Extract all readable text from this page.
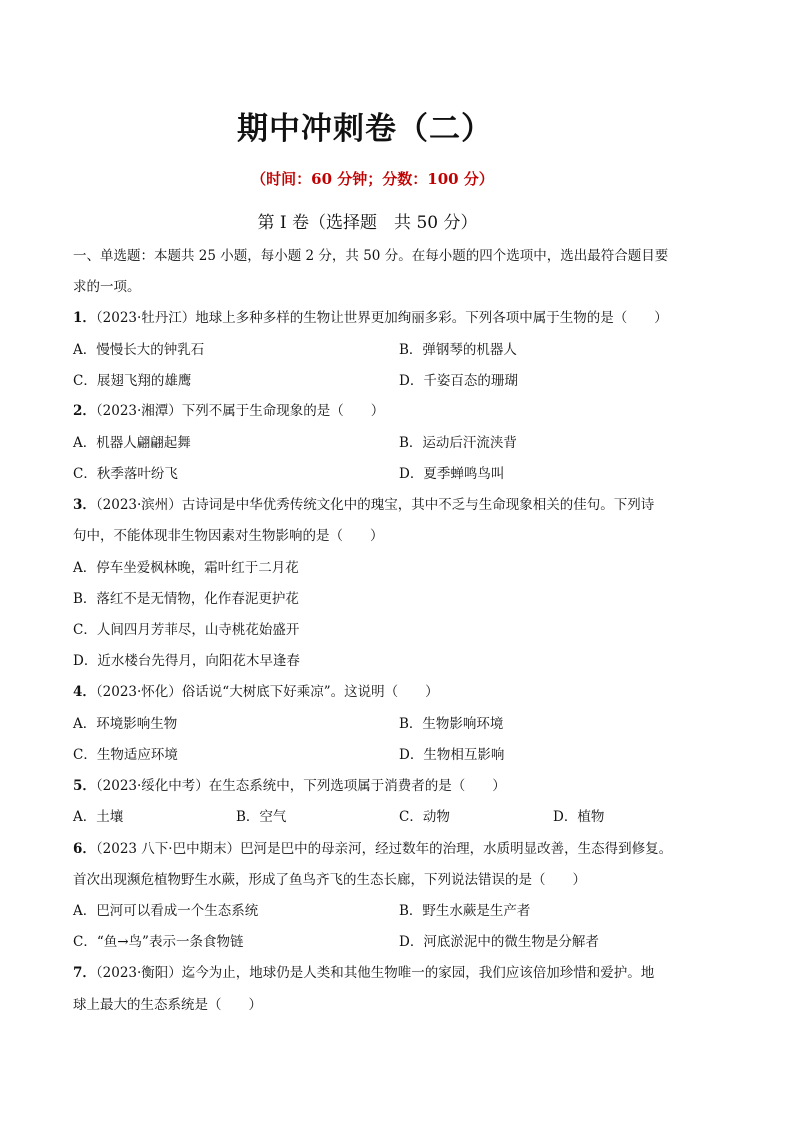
期中冲刺卷（二）
（时间：60 分钟；分数：100 分）
第 I 卷（选择题　共 50 分）
一、单选题：本题共 25 小题，每小题 2 分，共 50 分。在每小题的四个选项中，选出最符合题目要
求的一项。
1．（2023·牡丹江）地球上多种多样的生物让世界更加绚丽多彩。下列各项中属于生物的是（　　）
A．慢慢长大的钟乳石	B．弹钢琴的机器人
C．展翅飞翔的雄鹰	D．千姿百态的珊瑚
2．（2023·湘潭）下列不属于生命现象的是（　　）
A．机器人翩翩起舞	B．运动后汗流浃背
C．秋季落叶纷飞	D．夏季蝉鸣鸟叫
3．（2023·滨州）古诗词是中华优秀传统文化中的瑰宝，其中不乏与生命现象相关的佳句。下列诗
句中，不能体现非生物因素对生物影响的是（　　）
A．停车坐爱枫林晚，霜叶红于二月花
B．落红不是无情物，化作春泥更护花
C．人间四月芳菲尽，山寺桃花始盛开
D．近水楼台先得月，向阳花木早逢春
4．（2023·怀化）俗话说“大树底下好乘凉”。这说明（　　）
A．环境影响生物	B．生物影响环境
C．生物适应环境	D．生物相互影响
5．（2023·绥化中考）在生态系统中，下列选项属于消费者的是（　　）
A．土壤	B．空气	C．动物	D．植物
6．（2023 八下·巴中期末）巴河是巴中的母亲河，经过数年的治理，水质明显改善，生态得到修复。
首次出现濒危植物野生水蕨，形成了鱼鸟齐飞的生态长廊，下列说法错误的是（　　）
A．巴河可以看成一个生态系统	B．野生水蕨是生产者
C．“鱼→鸟”表示一条食物链	D．河底淤泥中的微生物是分解者
7．（2023·衡阳）迄今为止，地球仍是人类和其他生物唯一的家园，我们应该倍加珍惜和爱护。地
球上最大的生态系统是（　　）
